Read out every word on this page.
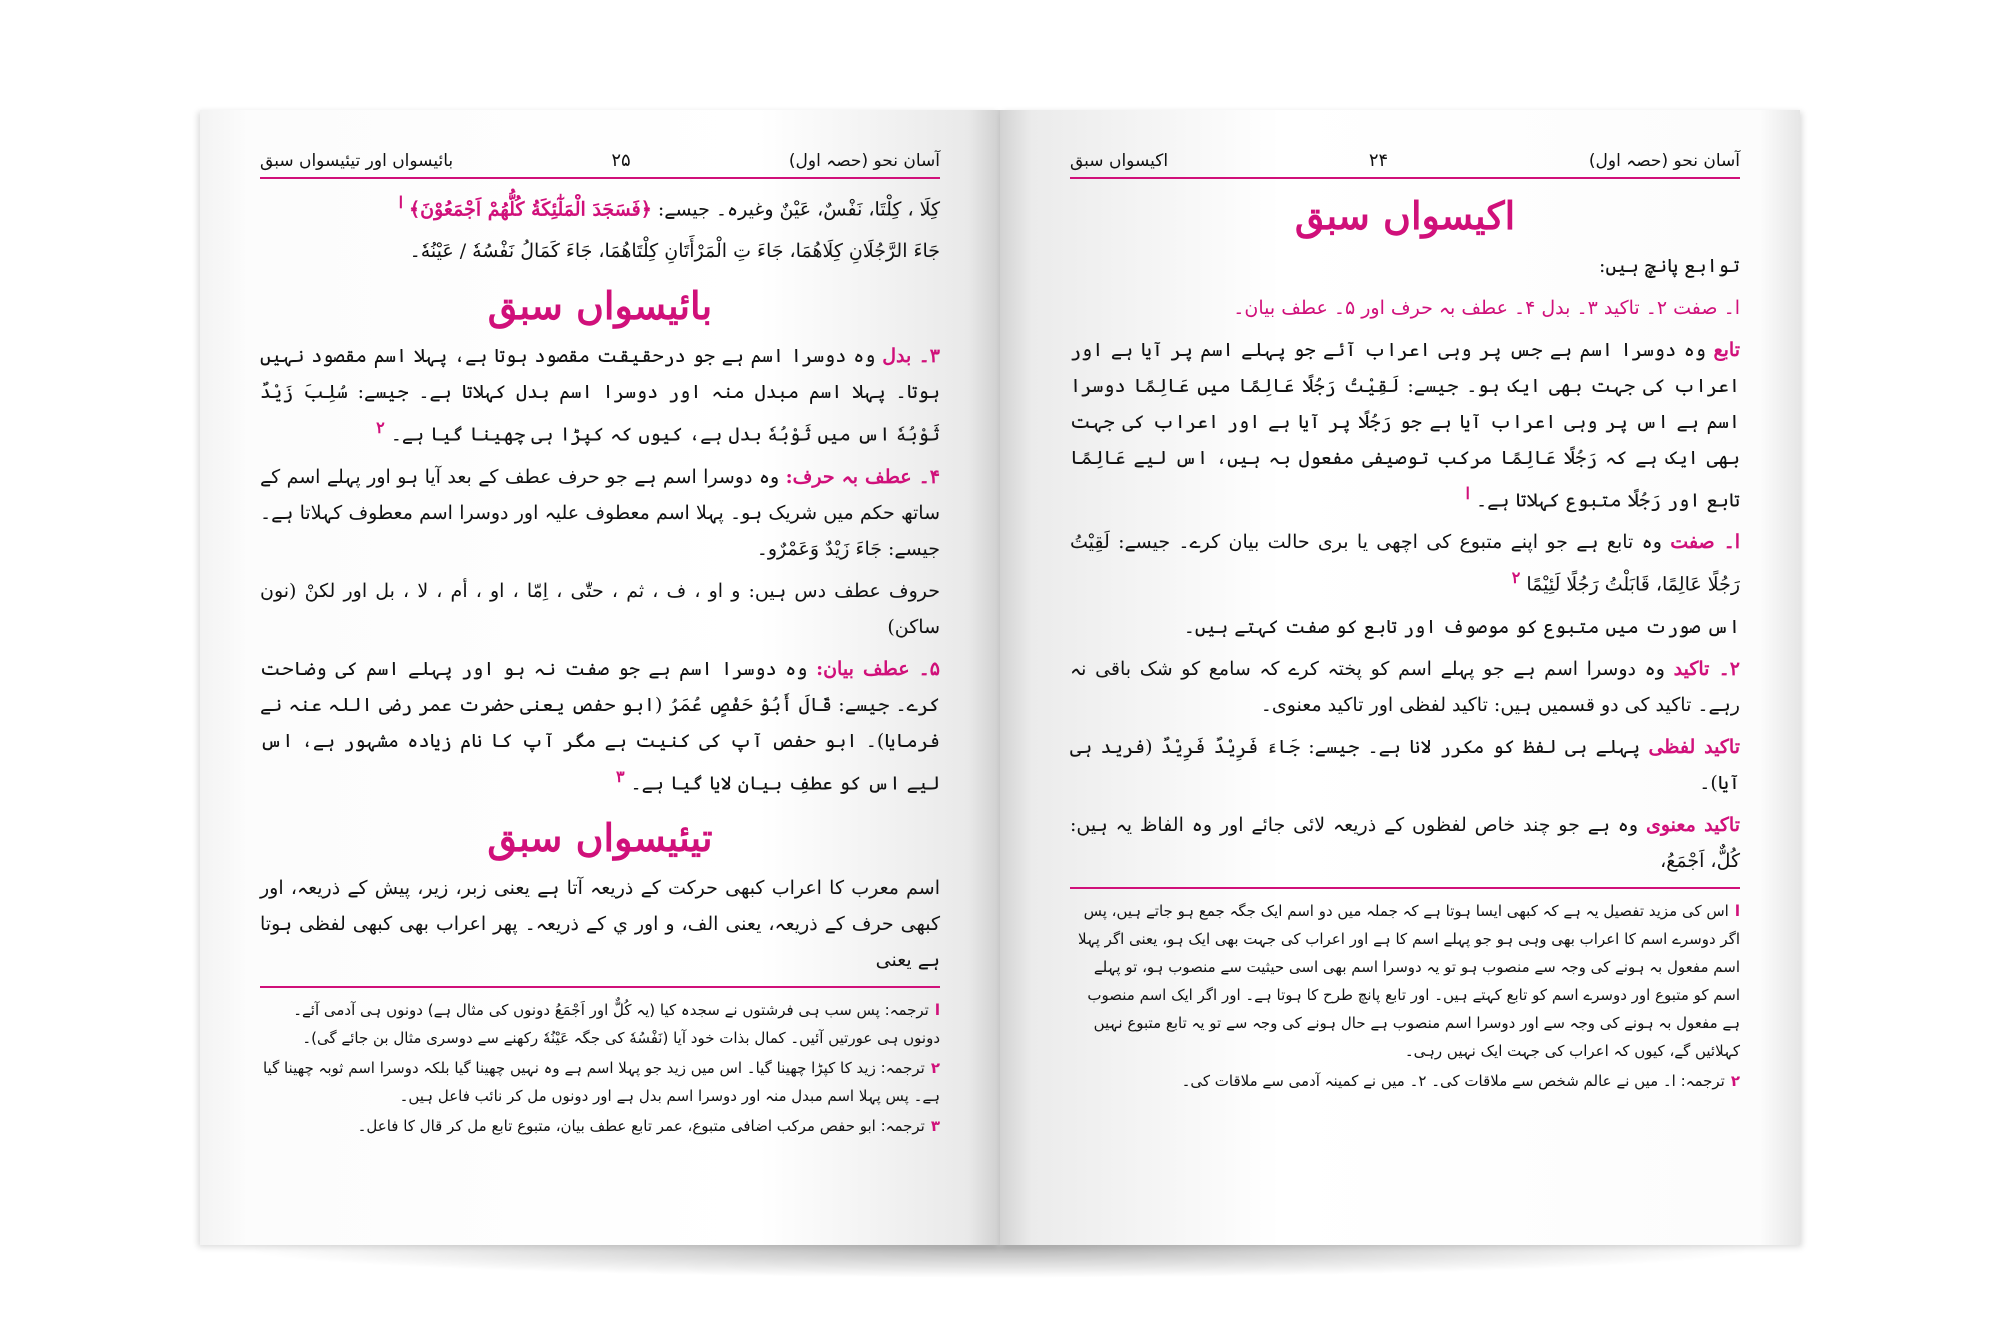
آسان نحو (حصہ اول)
۲۵
بائیسواں اور تیئیسواں سبق

كِلَا ، كِلْتَا، نَفْسٌ، عَيْنٌ وغیرہ۔ جیسے: ﴿فَسَجَدَ الْمَلٰٓئِكَةُ كُلُّهُمْ اَجْمَعُوْنَ﴾ $^ا$

جَاءَ الرَّجُلَانِ كِلَاهُمَا، جَاءَ تِ الْمَرْأَتَانِ كِلْتَاهُمَا، جَاءَ كَمَالُ نَفْسُهٗ / عَيْنُهٗ۔

بائیسواں سبق

۳۔ بدل وہ دوسرا اسم ہے جو درحقیقت مقصود ہوتا ہے، پہلا اسم مقصود نہیں ہوتا۔ پہلا اسم مبدل منہ اور دوسرا اسم بدل کہلاتا ہے۔ جیسے: سُلِبَ زَيْدٌ ثَوْبُهٗ اس میں ثَوْبُهٗ بدل ہے، کیوں کہ کپڑا ہی چھینا گیا ہے۔ $^۲$

۴۔ عطف بہ حرف: وہ دوسرا اسم ہے جو حرف عطف کے بعد آیا ہو اور پہلے اسم کے ساتھ حکم میں شریک ہو۔ پہلا اسم معطوف علیہ اور دوسرا اسم معطوف کہلاتا ہے۔ جیسے: جَاءَ زَيْدٌ وَعَمْرٌو۔

حروف عطف دس ہیں: و او ، ف ، ثم ، حتّٰی ، اِمّا ، او ، أم ، لا ، بل اور لکنْ (نون ساکن)

۵۔ عطف بیان: وہ دوسرا اسم ہے جو صفت نہ ہو اور پہلے اسم کی وضاحت کرے۔ جیسے: قَالَ أَبُوْ حَفْصٍ عُمَرُ (ابو حفص یعنی حضرت عمر رضی اللہ عنہ نے فرمایا)۔ ابو حفص آپ کی کنیت ہے مگر آپ کا نام زیادہ مشہور ہے، اس لیے اس کو عطفِ بیان لایا گیا ہے۔ $^۳$

تیئیسواں سبق

اسم معرب کا اعراب کبھی حرکت کے ذریعہ آتا ہے یعنی زبر، زیر، پیش کے ذریعہ، اور کبھی حرف کے ذریعہ، یعنی الف، و اور ي کے ذریعہ۔ پھر اعراب بھی کبھی لفظی ہوتا ہے یعنی

اترجمہ: پس سب ہی فرشتوں نے سجدہ کیا (یہ کُلٌّ اور اَجْمَعُ دونوں کی مثال ہے) دونوں ہی آدمی آئے۔ دونوں ہی عورتیں آئیں۔ کمال بذات خود آیا (نَفْسُهٗ کی جگہ عَيْنُهٗ رکھنے سے دوسری مثال بن جائے گی)۔

۲ترجمہ: زید کا کپڑا چھینا گیا۔ اس میں زید جو پہلا اسم ہے وہ نہیں چھینا گیا بلکہ دوسرا اسم ثوبہ چھینا گیا ہے۔ پس پہلا اسم مبدل منہ اور دوسرا اسم بدل ہے اور دونوں مل کر نائب فاعل ہیں۔

۳ترجمہ: ابو حفص مرکب اضافی متبوع، عمر تابع عطف بیان، متبوع تابع مل کر قال کا فاعل۔

آسان نحو (حصہ اول)
۲۴
اکیسواں سبق
اکیسواں سبق

توابع پانچ ہیں:

ا۔ صفت ۲۔ تاکید ۳۔ بدل ۴۔ عطف بہ حرف اور ۵۔ عطف بیان۔

تابع وہ دوسرا اسم ہے جس پر وہی اعراب آئے جو پہلے اسم پر آیا ہے اور اعراب کی جہت بھی ایک ہو۔ جیسے: لَقِيْتُ رَجُلًا عَالِمًا میں عَالِمًا دوسرا اسم ہے اس پر وہی اعراب آیا ہے جو رَجُلًا پر آیا ہے اور اعراب کی جہت بھی ایک ہے کہ رَجُلًا عَالِمًا مرکب توصیفی مفعول بہ ہیں، اس لیے عَالِمًا تابع اور رَجُلًا متبوع کہلاتا ہے۔ $^ا$

ا۔ صفت وہ تابع ہے جو اپنے متبوع کی اچھی یا بری حالت بیان کرے۔ جیسے: لَقِيْتُ رَجُلًا عَالِمًا، قَابَلْتُ رَجُلًا لَئِيْمًا $^۲$

اس صورت میں متبوع کو موصوف اور تابع کو صفت کہتے ہیں۔

۲۔ تاکید وہ دوسرا اسم ہے جو پہلے اسم کو پختہ کرے کہ سامع کو شک باقی نہ رہے۔ تاکید کی دو قسمیں ہیں: تاکید لفظی اور تاکید معنوی۔

تاکید لفظی پہلے ہی لفظ کو مکرر لانا ہے۔ جیسے: جَاءَ فَرِيْدٌ فَرِيْدٌ (فرید ہی آیا)۔

تاکید معنوی وہ ہے جو چند خاص لفظوں کے ذریعہ لائی جائے اور وہ الفاظ یہ ہیں: کُلٌّ، اَجْمَعُ،

ااس کی مزید تفصیل یہ ہے کہ کبھی ایسا ہوتا ہے کہ جملہ میں دو اسم ایک جگہ جمع ہو جاتے ہیں، پس اگر دوسرے اسم کا اعراب بھی وہی ہو جو پہلے اسم کا ہے اور اعراب کی جہت بھی ایک ہو، یعنی اگر پہلا اسم مفعول بہ ہونے کی وجہ سے منصوب ہو تو یہ دوسرا اسم بھی اسی حیثیت سے منصوب ہو، تو پہلے اسم کو متبوع اور دوسرے اسم کو تابع کہتے ہیں۔ اور تابع پانچ طرح کا ہوتا ہے۔ اور اگر ایک اسم منصوب ہے مفعول بہ ہونے کی وجہ سے اور دوسرا اسم منصوب ہے حال ہونے کی وجہ سے تو یہ تابع متبوع نہیں کہلائیں گے، کیوں کہ اعراب کی جہت ایک نہیں رہی۔

۲ترجمہ: ا۔ میں نے عالم شخص سے ملاقات کی۔ ۲۔ میں نے کمینہ آدمی سے ملاقات کی۔
